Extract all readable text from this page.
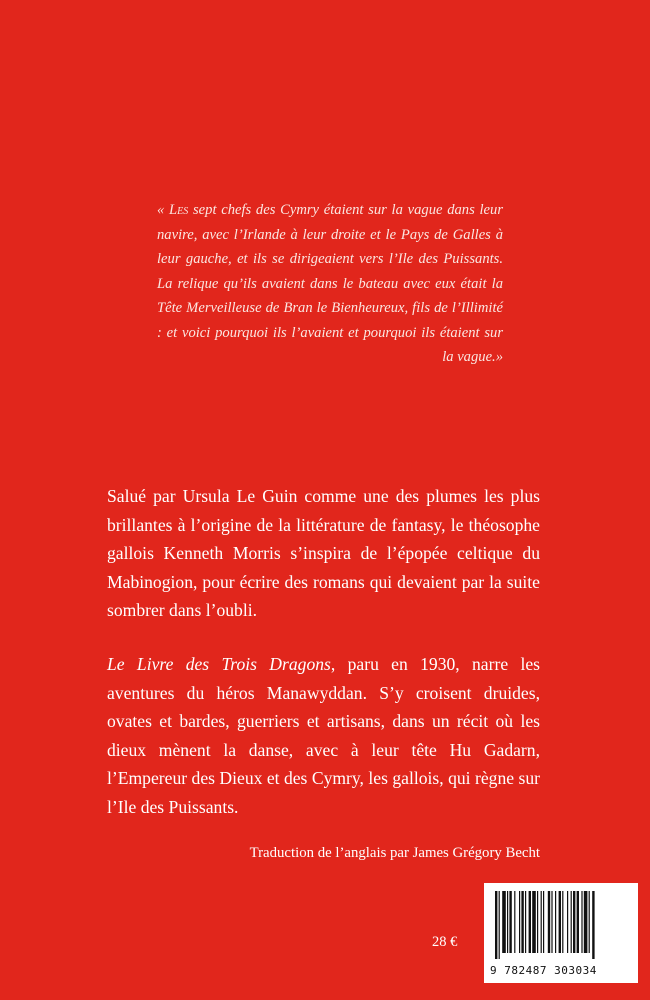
« Les sept chefs des Cymry étaient sur la vague dans leur navire, avec l’Irlande à leur droite et le Pays de Galles à leur gauche, et ils se dirigeaient vers l’Ile des Puissants. La relique qu’ils avaient dans le bateau avec eux était la Tête Merveilleuse de Bran le Bienheureux, fils de l’Illimité : et voici pourquoi ils l’avaient et pourquoi ils étaient sur la vague.»

Salué par Ursula Le Guin comme une des plumes les plus brillantes à l’origine de la littérature de fantasy, le théosophe gallois Kenneth Morris s’inspira de l’épopée celtique du Mabinogion, pour écrire des romans qui devaient par la suite sombrer dans l’oubli.

Le Livre des Trois Dragons, paru en 1930, narre les aventures du héros Manawyddan. S’y croisent druides, ovates et bardes, guerriers et artisans, dans un récit où les dieux mènent la danse, avec à leur tête Hu Gadarn, l’Empereur des Dieux et des Cymry, les gallois, qui règne sur l’Ile des Puissants.

Traduction de l’anglais par James Grégory Becht
28 €
9 782487 303034
